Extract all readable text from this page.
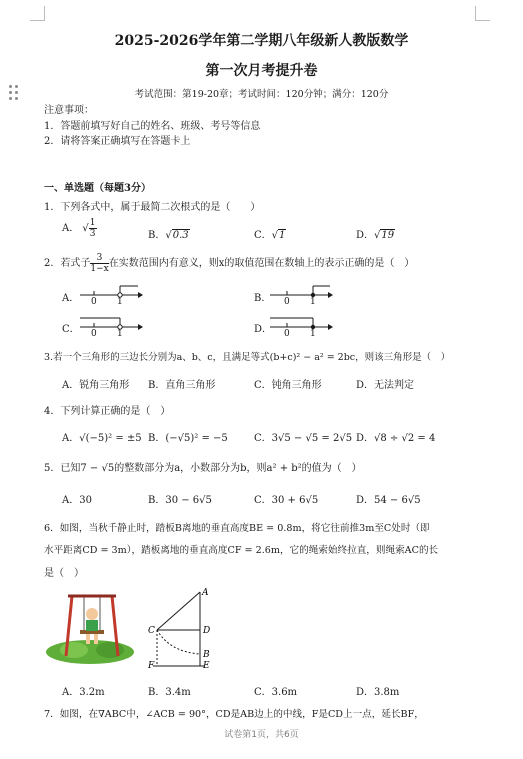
2025-2026学年第二学期八年级新人教版数学
第一次月考提升卷
考试范围：第19-20章；考试时间：120分钟；满分：120分
注意事项：
1．答题前填写好自己的姓名、班级、考号等信息
2．请将答案正确填写在答题卡上
一、单选题（每题3分）
1．下列各式中，属于最简二次根式的是（　　）
A． √ $\frac{1}{3}$	B．√0.3	C．√1	D．√19
2．若式子 $\frac{3}{1-x}$ 在实数范围内有意义，则x的取值范围在数轴上的表示正确的是（　）
A．	B．
C．	D．
0 1	0 1
0 1	0 1
3.若一个三角形的三边长分别为a、b、c，且满足等式(b+c)² − a² = 2bc，则该三角形是（　）
A．锐角三角形 B．直角三角形	C．钝角三角形	D．无法判定
4．下列计算正确的是（　）
A．√(−5)² = ±5 B．(−√5)² = −5	C．3√5 − √5 = 2√5 D．√8 ÷ √2 = 4
5．已知7 − √5的整数部分为a，小数部分为b，则a² + b²的值为（　）
A．30	B．30 − 6√5	C．30 + 6√5	D．54 − 6√5
6．如图，当秋千静止时，踏板B离地的垂直高度BE = 0.8m，将它往前推3m至C处时（即
水平距离CD = 3m），踏板离地的垂直高度CF = 2.6m，它的绳索始终拉直，则绳索AC的长
是（　）
A
C	D
B
F	E
A．3.2m	B．3.4m	C．3.6m	D．3.8m
7．如图，在∇ABC中，∠ACB = 90°，CD是AB边上的中线，F是CD上一点，延长BF，
试卷第1页，共6页
